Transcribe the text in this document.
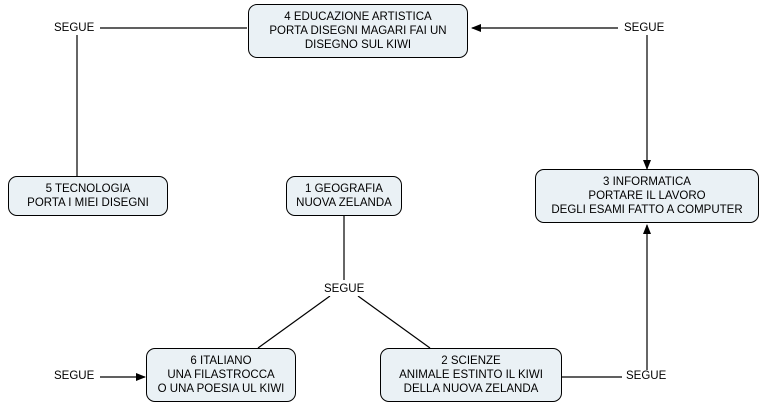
4 EDUCAZIONE ARTISTICA
PORTA DISEGNI MAGARI FAI UN
DISEGNO SUL KIWI
5 TECNOLOGIA
PORTA I MIEI DISEGNI
1 GEOGRAFIA
NUOVA ZELANDA
3 INFORMATICA
PORTARE IL LAVORO
DEGLI ESAMI FATTO A COMPUTER
6 ITALIANO
UNA FILASTROCCA
O UNA POESIA UL KIWI
2 SCIENZE
ANIMALE ESTINTO IL KIWI
DELLA NUOVA ZELANDA
SEGUE	SEGUE
SEGUE
SEGUE	SEGUE
